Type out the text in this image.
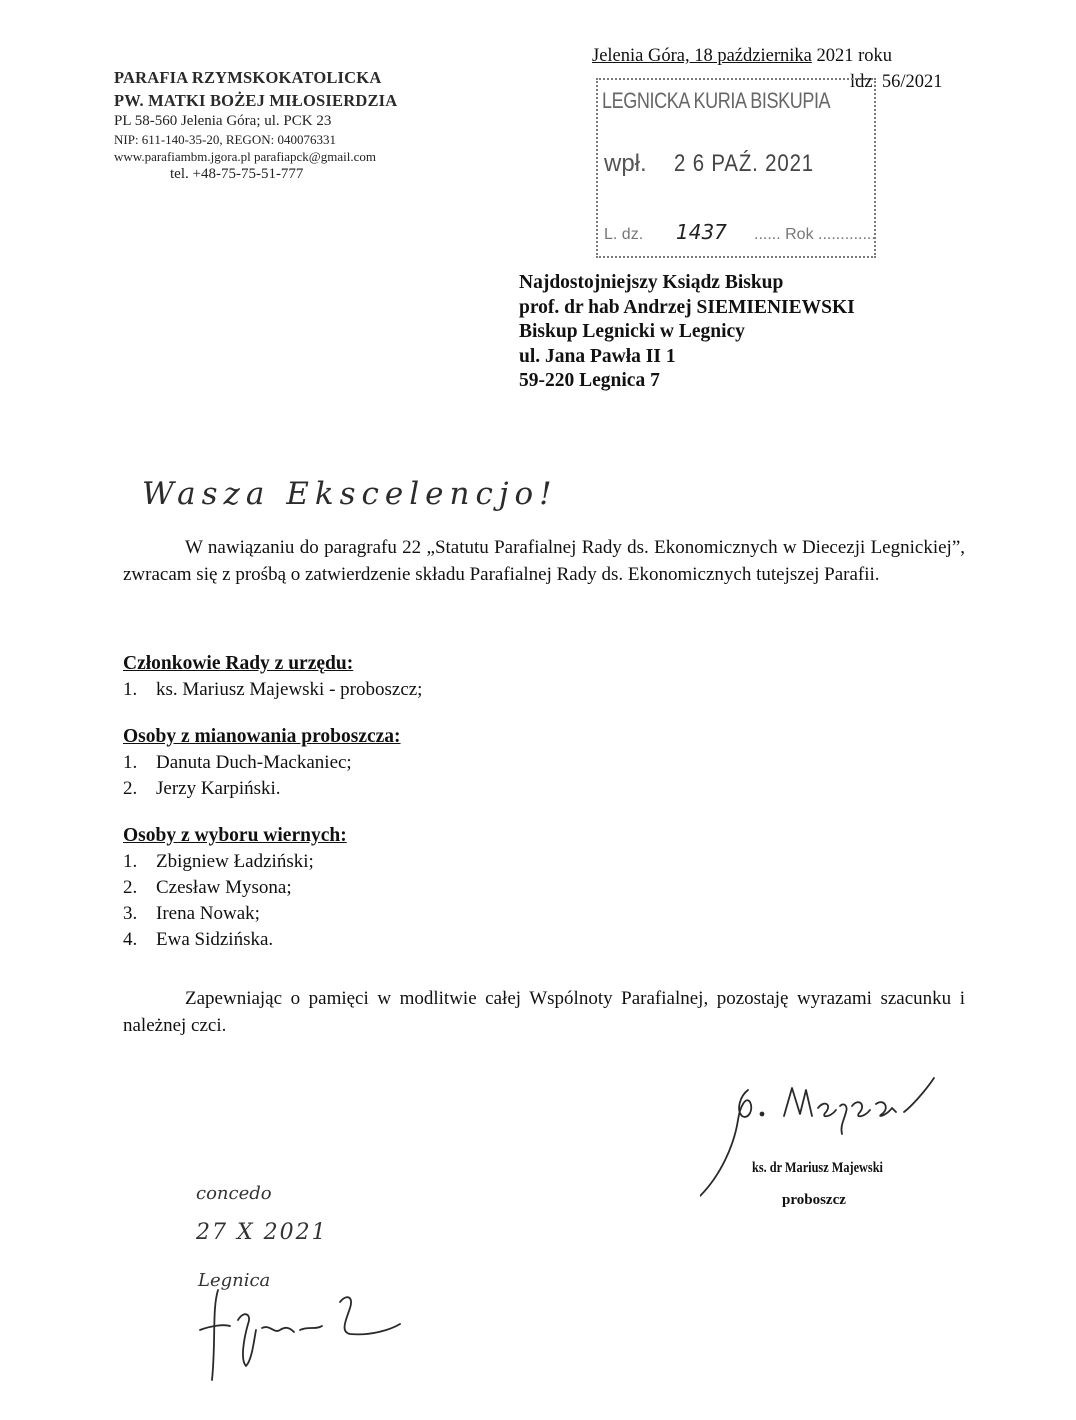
PARAFIA RZYMSKOKATOLICKA
PW. MATKI BOŻEJ MIŁOSIERDZIA
PL 58-560 Jelenia Góra; ul. PCK 23
NIP: 611-140-35-20, REGON: 040076331
www.parafiambm.jgora.pl parafiapck@gmail.com
tel. +48-75-75-51-777
Jelenia Góra, 18 października 2021 roku
ldz. 56/2021
LEGNICKA KURIA BISKUPIA
wpł. 2 6 PAŹ. 2021
L. dz. 1437 ...... Rok .............
Najdostojniejszy Ksiądz Biskup
prof. dr hab Andrzej SIEMIENIEWSKI
Biskup Legnicki w Legnicy
ul. Jana Pawła II 1
59-220 Legnica 7
Wasza Ekscelencjo!
W nawiązaniu do paragrafu 22 „Statutu Parafialnej Rady ds. Ekonomicznych w Diecezji Legnickiej”, zwracam się z prośbą o zatwierdzenie składu Parafialnej Rady ds. Ekonomicznych tutejszej Parafii.
Członkowie Rady z urzędu:
1. ks. Mariusz Majewski - proboszcz;
Osoby z mianowania proboszcza:
1. Danuta Duch-Mackaniec;
2. Jerzy Karpiński.
Osoby z wyboru wiernych:
1. Zbigniew Ładziński;
2. Czesław Mysona;
3. Irena Nowak;
4. Ewa Sidzińska.
Zapewniając o pamięci w modlitwie całej Wspólnoty Parafialnej, pozostaję wyrazami szacunku i należnej czci.
ks. dr Mariusz Majewski
proboszcz
concedo
27 X 2021
Legnica
